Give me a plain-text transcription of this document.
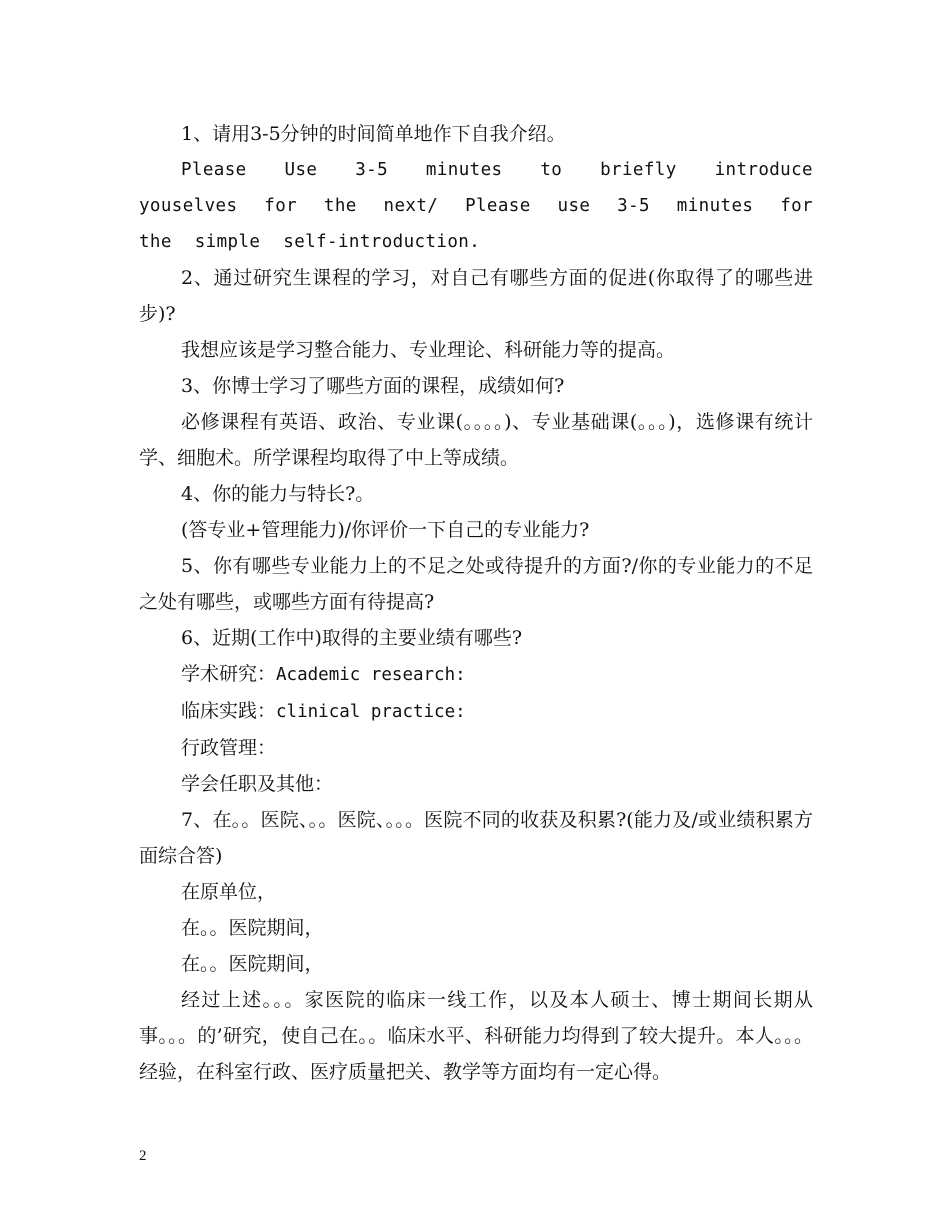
1、请用3-5分钟的时间简单地作下自我介绍。

Please Use 3-5 minutes to briefly introduce youselves for the next/ Please use 3-5 minutes for the simple self-introduction.

2、通过研究生课程的学习，对自己有哪些方面的促进(你取得了的哪些进步)?

我想应该是学习整合能力、专业理论、科研能力等的提高。

3、你博士学习了哪些方面的课程，成绩如何?

必修课程有英语、政治、专业课(。。。。)、专业基础课(。。。)，选修课有统计学、细胞术。所学课程均取得了中上等成绩。

4、你的能力与特长?。

(答专业+管理能力)/你评价一下自己的专业能力?

5、你有哪些专业能力上的不足之处或待提升的方面?/你的专业能力的不足之处有哪些，或哪些方面有待提高?

6、近期(工作中)取得的主要业绩有哪些?

学术研究：Academic research:

临床实践：clinical practice:

行政管理：

学会任职及其他：

7、在。。医院、。。医院、。。。医院不同的收获及积累?(能力及/或业绩积累方面综合答)

在原单位，

在。。医院期间，

在。。医院期间，

经过上述。。。家医院的临床一线工作，以及本人硕士、博士期间长期从事。。。的’研究，使自己在。。临床水平、科研能力均得到了较大提升。本人。。。经验，在科室行政、医疗质量把关、教学等方面均有一定心得。

2
